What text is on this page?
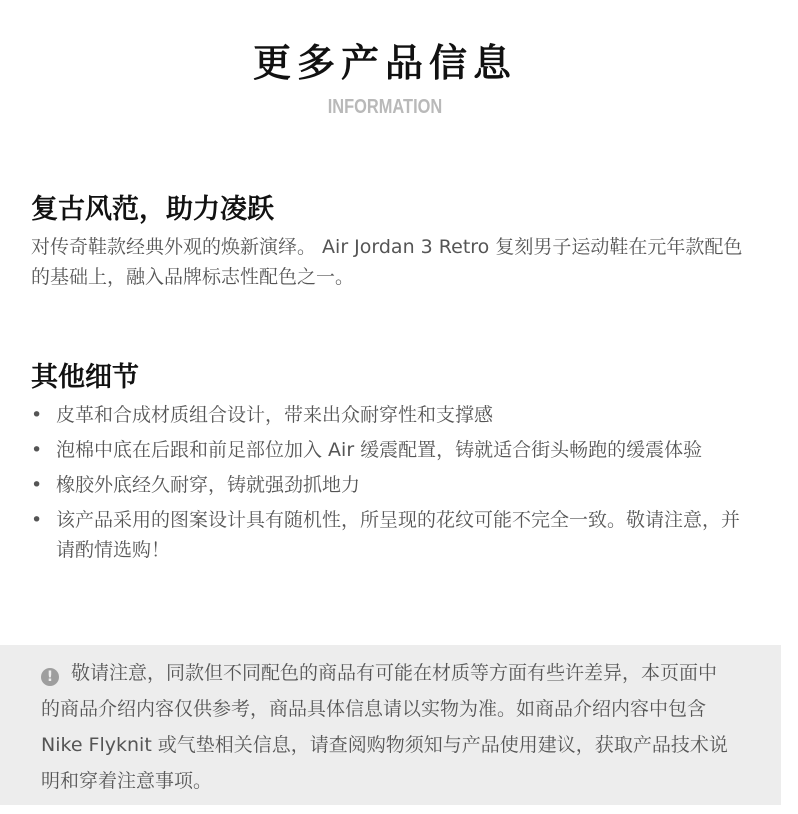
更多产品信息
INFORMATION
复古风范，助力凌跃

对传奇鞋款经典外观的焕新演绎。 Air Jordan 3 Retro 复刻男子运动鞋在元年款配色的基础上，融入品牌标志性配色之一。

其他细节
• 皮革和合成材质组合设计，带来出众耐穿性和支撑感
• 泡棉中底在后跟和前足部位加入 Air 缓震配置，铸就适合街头畅跑的缓震体验
• 橡胶外底经久耐穿，铸就强劲抓地力
• 该产品采用的图案设计具有随机性，所呈现的花纹可能不完全一致。敬请注意，并请酌情选购！
! 敬请注意，同款但不同配色的商品有可能在材质等方面有些许差异，本页面中的商品介绍内容仅供参考，商品具体信息请以实物为准。如商品介绍内容中包含 Nike Flyknit 或气垫相关信息，请查阅购物须知与产品使用建议，获取产品技术说明和穿着注意事项。
